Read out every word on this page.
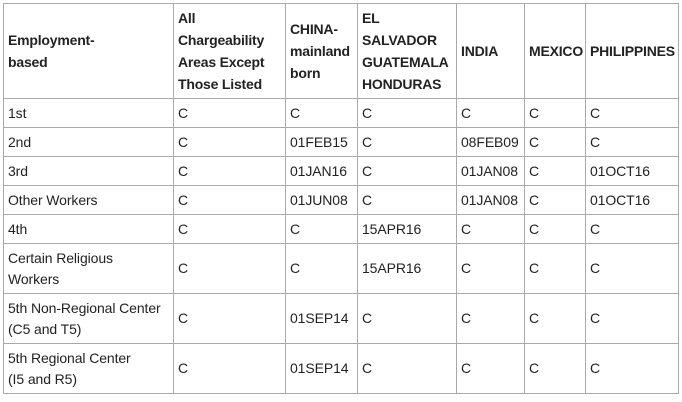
Employment-
based	All
Chargeability
Areas Except
Those Listed	CHINA-
mainland
born	EL
SALVADOR
GUATEMALA
HONDURAS	INDIA	MEXICO	PHILIPPINES
1st	C	C	C	C	C	C
2nd	C	01FEB15	C	08FEB09	C	C
3rd	C	01JAN16	C	01JAN08	C	01OCT16
Other Workers	C	01JUN08	C	01JAN08	C	01OCT16
4th	C	C	15APR16	C	C	C
Certain Religious
Workers	C	C	15APR16	C	C	C
5th Non-Regional Center
(C5 and T5)	C	01SEP14	C	C	C	C
5th Regional Center
(I5 and R5)	C	01SEP14	C	C	C	C
